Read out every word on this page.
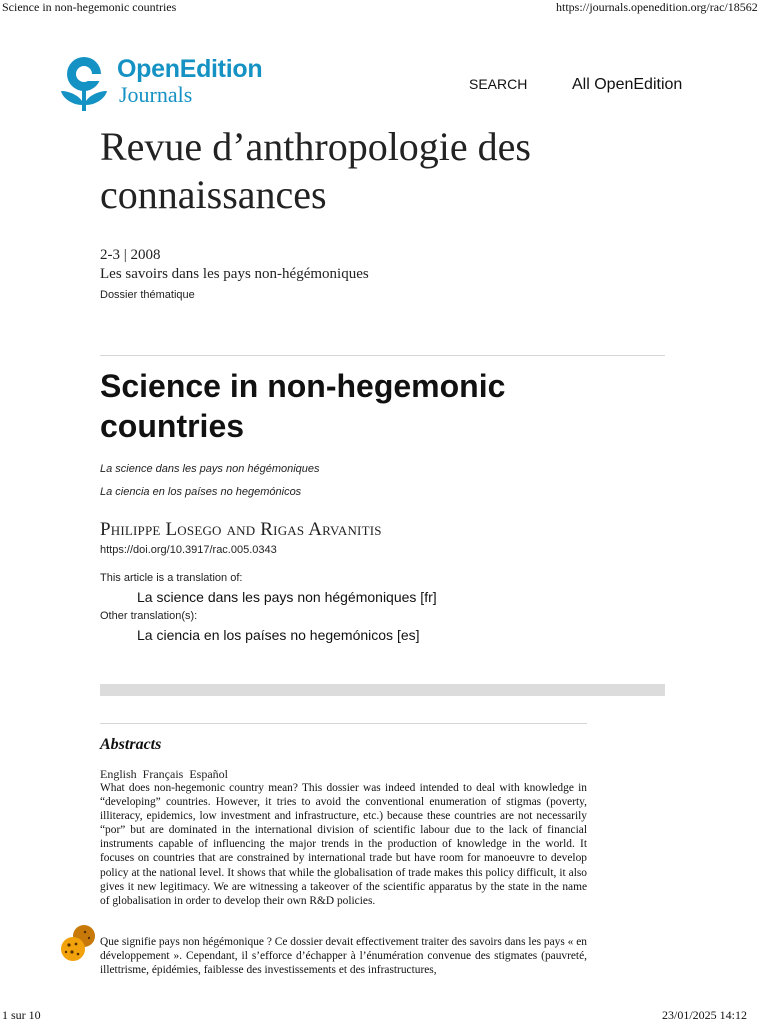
Science in non-hegemonic countries	https://journals.openedition.org/rac/18562
OpenEdition
Journals	SEARCH	All OpenEdition
Revue d’anthropologie des connaissances
2-3 | 2008
Les savoirs dans les pays non-hégémoniques
Dossier thématique
Science in non-hegemonic countries
La science dans les pays non hégémoniques
La ciencia en los países no hegemónicos
Philippe Losego and Rigas Arvanitis
https://doi.org/10.3917/rac.005.0343
This article is a translation of:
La science dans les pays non hégémoniques [fr]
Other translation(s):
La ciencia en los países no hegemónicos [es]
Abstracts
English Français Español

What does non-hegemonic country mean? This dossier was indeed intended to deal with knowledge in “developing” countries. However, it tries to avoid the conventional enumeration of stigmas (poverty, illiteracy, epidemics, low investment and infrastructure, etc.) because these countries are not necessarily “por” but are dominated in the international division of scientific labour due to the lack of financial instruments capable of influencing the major trends in the production of knowledge in the world. It focuses on countries that are constrained by international trade but have room for manoeuvre to develop policy at the national level. It shows that while the globalisation of trade makes this policy difficult, it also gives it new legitimacy. We are witnessing a takeover of the scientific apparatus by the state in the name of globalisation in order to develop their own R&D policies.

Que signifie pays non hégémonique ? Ce dossier devait effectivement traiter des savoirs dans les pays « en développement ». Cependant, il s’efforce d’échapper à l’énumération convenue des stigmates (pauvreté, illettrisme, épidémies, faiblesse des investissements et des infrastructures,

1 sur 10	23/01/2025 14:12
